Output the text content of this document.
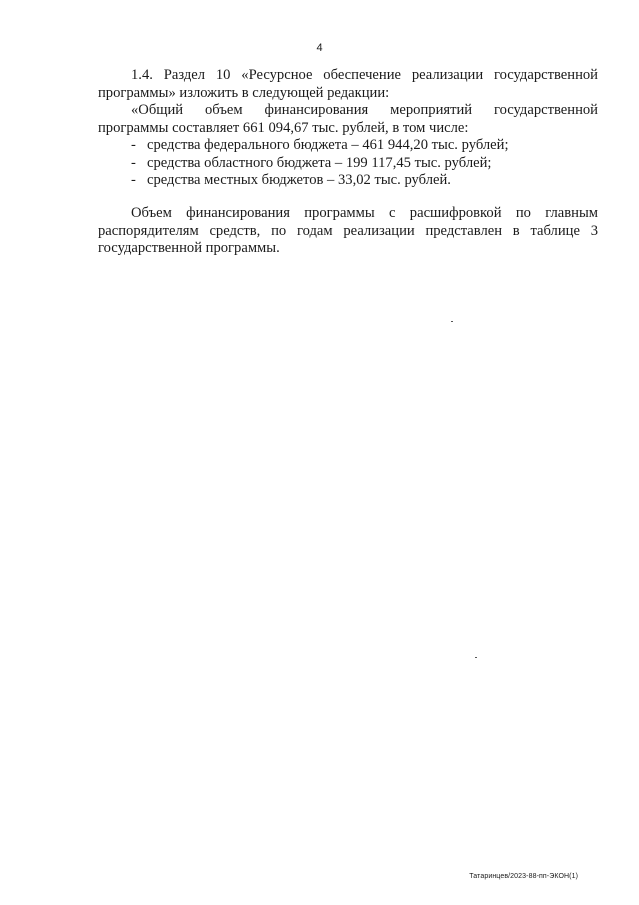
4

1.4. Раздел 10 «Ресурсное обеспечение реализации государственной программы» изложить в следующей редакции:

«Общий объем финансирования мероприятий государственной программы составляет 661 094,67 тыс. рублей, в том числе:

- средства федерального бюджета – 461 944,20 тыс. рублей;
- средства областного бюджета – 199 117,45 тыс. рублей;
- средства местных бюджетов – 33,02 тыс. рублей.

Объем финансирования программы с расшифровкой по главным распорядителям средств, по годам реализации представлен в таблице 3 государственной программы.

Татаринцев/2023-88-пп-ЭКОН(1)
